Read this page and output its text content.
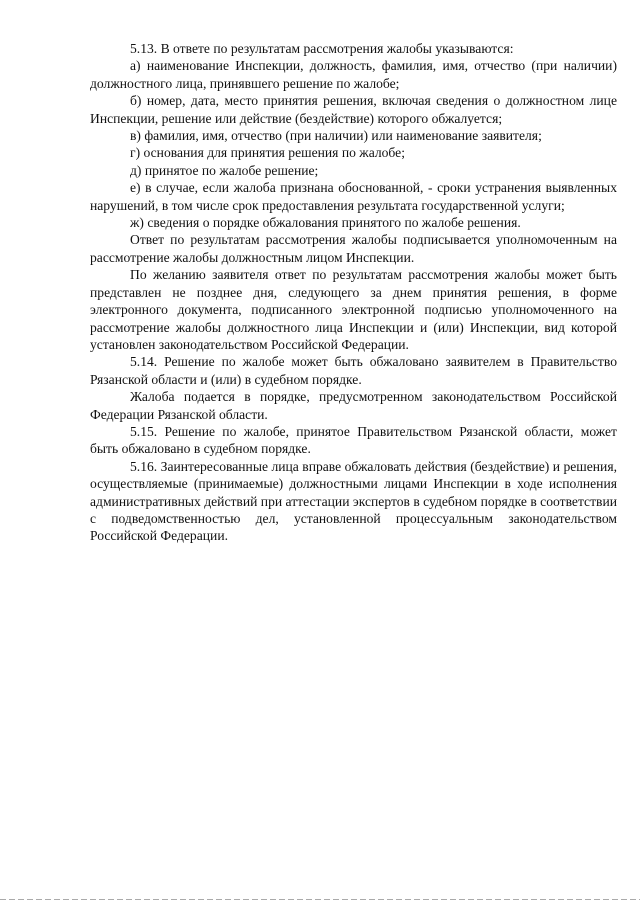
5.13. В ответе по результатам рассмотрения жалобы указываются:

а) наименование Инспекции, должность, фамилия, имя, отчество (при наличии) должностного лица, принявшего решение по жалобе;

б) номер, дата, место принятия решения, включая сведения о должностном лице Инспекции, решение или действие (бездействие) которого обжалуется;

в) фамилия, имя, отчество (при наличии) или наименование заявителя;

г) основания для принятия решения по жалобе;

д) принятое по жалобе решение;

е) в случае, если жалоба признана обоснованной, - сроки устранения выявленных нарушений, в том числе срок предоставления результата государственной услуги;

ж) сведения о порядке обжалования принятого по жалобе решения.

Ответ по результатам рассмотрения жалобы подписывается уполномоченным на рассмотрение жалобы должностным лицом Инспекции.

По желанию заявителя ответ по результатам рассмотрения жалобы может быть представлен не позднее дня, следующего за днем принятия решения, в форме электронного документа, подписанного электронной подписью уполномоченного на рассмотрение жалобы должностного лица Инспекции и (или) Инспекции, вид которой установлен законодательством Российской Федерации.

5.14. Решение по жалобе может быть обжаловано заявителем в Правительство Рязанской области и (или) в судебном порядке.

Жалоба подается в порядке, предусмотренном законодательством Российской Федерации Рязанской области.

5.15. Решение по жалобе, принятое Правительством Рязанской области, может быть обжаловано в судебном порядке.

5.16. Заинтересованные лица вправе обжаловать действия (бездействие) и решения, осуществляемые (принимаемые) должностными лицами Инспекции в ходе исполнения административных действий при аттестации экспертов в судебном порядке в соответствии с подведомственностью дел, установленной процессуальным законодательством Российской Федерации.
